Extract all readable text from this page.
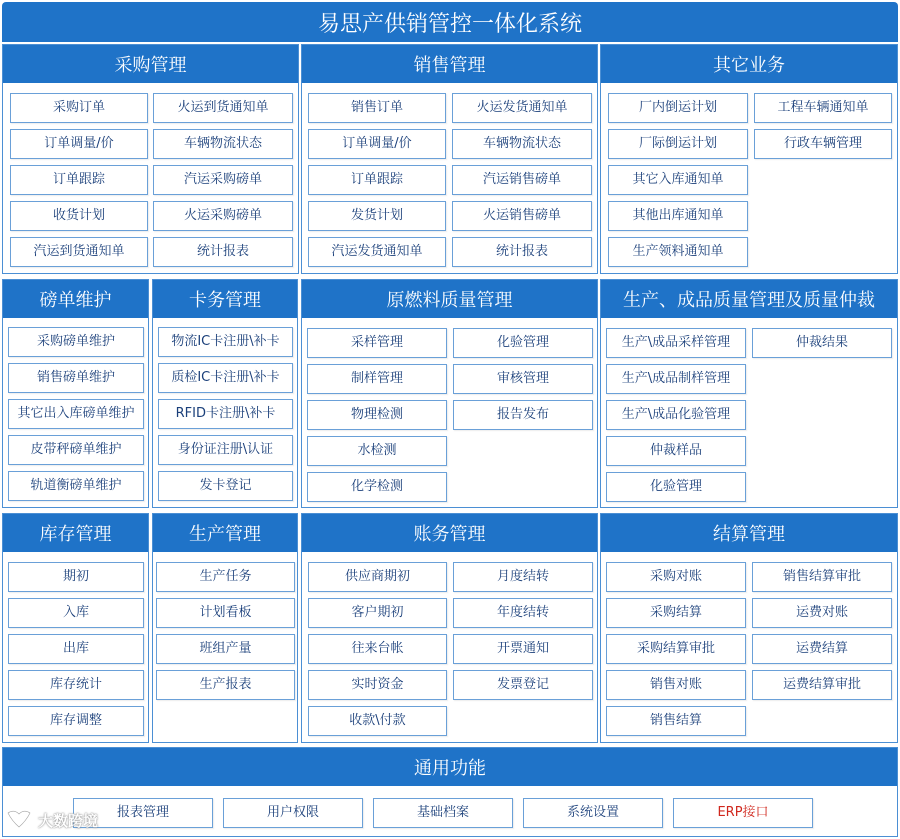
易思产供销管控一体化系统
采购管理
采购订单	火运到货通知单
订单调量/价	车辆物流状态
订单跟踪	汽运采购磅单
收货计划	火运采购磅单
汽运到货通知单	统计报表
销售管理
销售订单	火运发货通知单
订单调量/价	车辆物流状态
订单跟踪	汽运销售磅单
发货计划	火运销售磅单
汽运发货通知单	统计报表
其它业务
厂内倒运计划	工程车辆通知单
厂际倒运计划	行政车辆管理
其它入库通知单
其他出库通知单
生产领料通知单
磅单维护
采购磅单维护
销售磅单维护
其它出入库磅单维护
皮带秤磅单维护
轨道衡磅单维护
卡务管理
物流IC卡注册\补卡
质检IC卡注册\补卡
RFID卡注册\补卡
身份证注册\认证
发卡登记
原燃料质量管理
采样管理	化验管理
制样管理	审核管理
物理检测	报告发布
水检测
化学检测
生产、成品质量管理及质量仲裁
生产\成品采样管理	仲裁结果
生产\成品制样管理
生产\成品化验管理
仲裁样品
化验管理
库存管理
期初
入库
出库
库存统计
库存调整
生产管理
生产任务
计划看板
班组产量
生产报表
账务管理
供应商期初	月度结转
客户期初	年度结转
往来台帐	开票通知
实时资金	发票登记
收款\付款
结算管理
采购对账	销售结算审批
采购结算	运费对账
采购结算审批	运费结算
销售对账	运费结算审批
销售结算
通用功能
报表管理	用户权限	基础档案	系统设置	ERP接口
大数跨境
